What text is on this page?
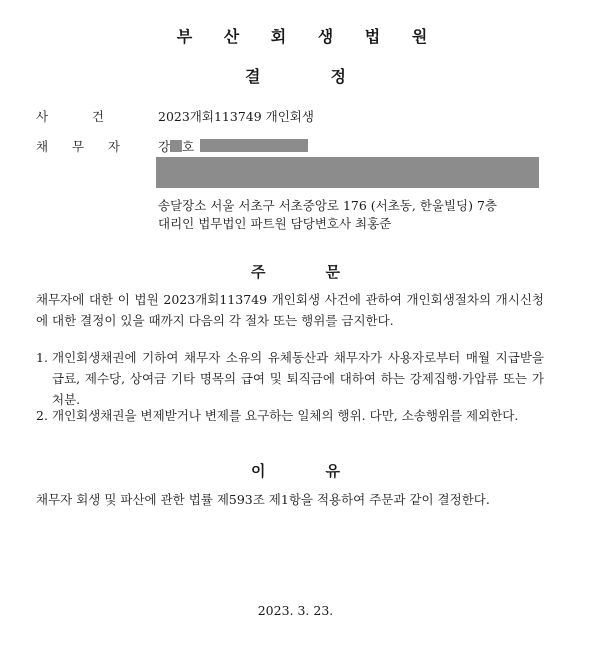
부 산 회 생 법 원
결	정
사	건	2023개회113749 개인회생
채 무 자	강 호
송달장소 서울 서초구 서초중앙로 176 (서초동, 한울빌딩) 7층
대리인 법무법인 파트원 담당변호사 최홍준
주	문
채무자에 대한 이 법원 2023개회113749 개인회생 사건에 관하여 개인회생절차의 개시신청에 대한 결정이 있을 때까지 다음의 각 절차 또는 행위를 금지한다.
1. 개인회생채권에 기하여 채무자 소유의 유체동산과 채무자가 사용자로부터 매월 지급받을 급료, 제수당, 상여금 기타 명목의 급여 및 퇴직금에 대하여 하는 강제집행·가압류 또는 가처분.
2. 개인회생채권을 변제받거나 변제를 요구하는 일체의 행위. 다만, 소송행위를 제외한다.
이	유
채무자 회생 및 파산에 관한 법률 제593조 제1항을 적용하여 주문과 같이 결정한다.
2023. 3. 23.
